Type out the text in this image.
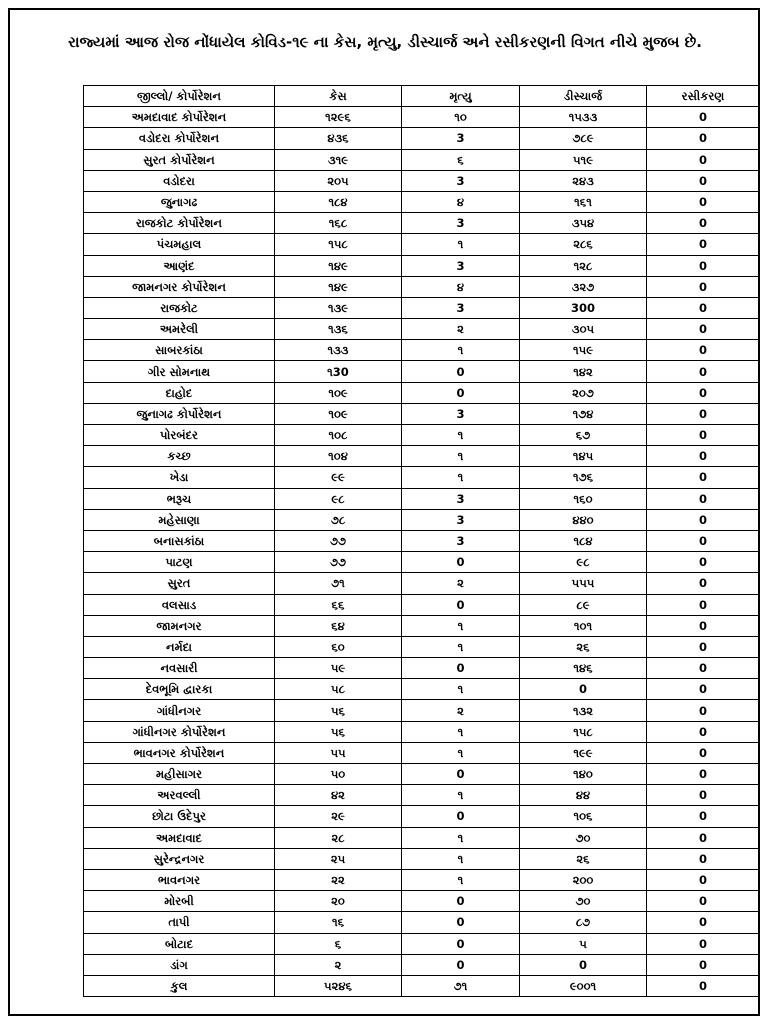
રાજ્યમાં આજ રોજ નોંધાયેલ કોવિડ-૧૯ ના કેસ, મૃત્યુ, ડીસ્ચાર્જ અને રસીકરણની વિગત નીચે મુજબ છે.
જીલ્લો/ કોર્પોરેશન	કેસ	મૃત્યુ	ડીસ્ચાર્જ	રસીકરણ
અમદાવાદ કોર્પોરેશન	૧૨૯૬	૧૦	૧૫૩૩	0
વડોદરા કોર્પોરેશન	૪૩૬	3	૭૮૯	0
સુરત કોર્પોરેશન	૩૧૯	૬	૫૧૯	0
વડોદરા	૨૦૫	3	૨૪૩	0
જુનાગઢ	૧૮૪	૪	૧૬૧	0
રાજકોટ કોર્પોરેશન	૧૬૮	3	૩૫૪	0
પંચમહાલ	૧૫૮	૧	૨૮૬	0
આણંદ	૧૪૯	3	૧૨૮	0
જામનગર કોર્પોરેશન	૧૪૯	૪	૩૨૭	0
રાજકોટ	૧૩૯	3	300	0
અમરેલી	૧૩૬	૨	૩૦૫	0
સાબરકાંઠા	૧૩૩	૧	૧૫૯	0
ગીર સોમનાથ	૧30	0	૧૪૨	0
દાહોદ	૧૦૯	0	૨૦૭	0
જુનાગઢ કોર્પોરેશન	૧૦૯	3	૧૭૪	0
પોરબંદર	૧૦૮	૧	૬૭	0
કચ્છ	૧૦૪	૧	૧૪૫	0
ખેડા	૯૯	૧	૧૭૬	0
ભરૂચ	૯૮	3	૧૬૦	0
મહેસાણા	૭૮	3	૪૪૦	0
બનાસકાંઠા	૭૭	3	૧૮૪	0
પાટણ	૭૭	0	૯૮	0
સુરત	૭૧	૨	૫૫૫	0
વલસાડ	૬૬	0	૮૯	0
જામનગર	૬૪	૧	૧૦૧	0
નર્મદા	૬૦	૧	૨૬	0
નવસારી	૫૯	0	૧૪૬	0
દેવભૂમિ દ્વારકા	૫૮	૧	0	0
ગાંધીનગર	૫૬	૨	૧૩૨	0
ગાંધીનગર કોર્પોરેશન	૫૬	૧	૧૫૮	0
ભાવનગર કોર્પોરેશન	૫૫	૧	૧૯૯	0
મહીસાગર	૫૦	0	૧૪૦	0
અરવલ્લી	૪૨	૧	૪૪	0
છોટા ઉદેપુર	૨૯	0	૧૦૬	0
અમદાવાદ	૨૮	૧	૭૦	0
સુરેન્દ્રનગર	૨૫	૧	૨૬	0
ભાવનગર	૨૨	૧	૨૦૦	0
મોરબી	૨૦	0	૭૦	0
તાપી	૧૬	0	૮૭	0
બોટાદ	૬	0	૫	0
ડાંગ	૨	0	0	0
કુલ	૫૨૪૬	૭૧	૯૦૦૧	0
